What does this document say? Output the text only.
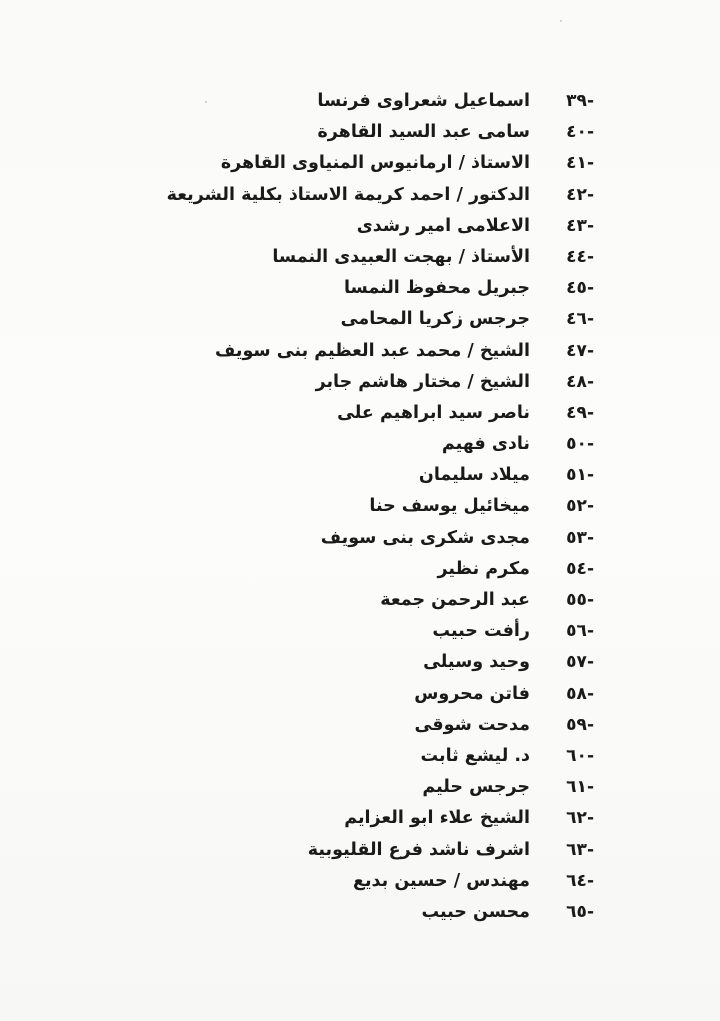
-٣٩
اسماعيل شعراوى فرنسا
-٤٠
سامى عبد السيد القاهرة
-٤١
الاستاذ / ارمانيوس المنياوى القاهرة
-٤٢
الدكتور / احمد كريمة الاستاذ بكلية الشريعة
-٤٣
الاعلامى امير رشدى
-٤٤
الأستاذ / بهجت العبيدى النمسا
-٤٥
جبريل محفوظ النمسا
-٤٦
جرجس زكريا المحامى
-٤٧
الشيخ / محمد عبد العظيم بنى سويف
-٤٨
الشيخ / مختار هاشم جابر
-٤٩
ناصر سيد ابراهيم على
-٥٠
نادى فهيم
-٥١
ميلاد سليمان
-٥٢
ميخائيل يوسف حنا
-٥٣
مجدى شكرى بنى سويف
-٥٤
مكرم نظير
-٥٥
عبد الرحمن جمعة
-٥٦
رأفت حبيب
-٥٧
وحيد وسيلى
-٥٨
فاتن محروس
-٥٩
مدحت شوقى
-٦٠
د. ليشع ثابت
-٦١
جرجس حليم
-٦٢
الشيخ علاء ابو العزايم
-٦٣
اشرف ناشد فرع القليوبية
-٦٤
مهندس / حسين بديع
-٦٥
محسن حبيب
